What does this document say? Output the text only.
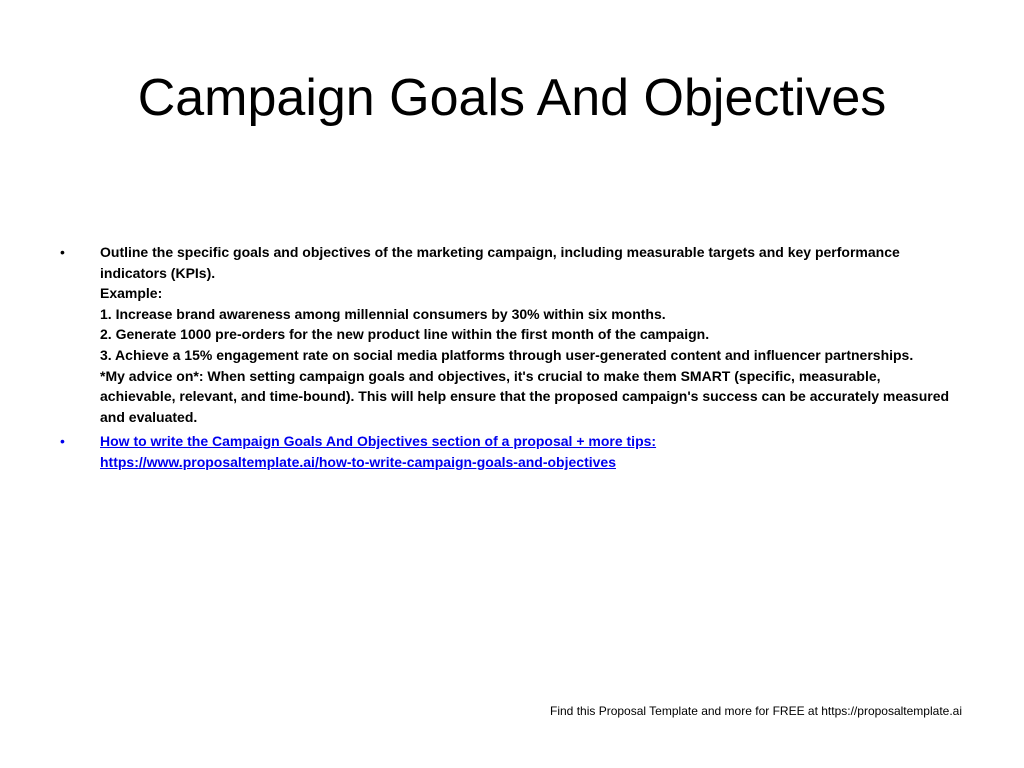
Campaign Goals And Objectives
•	Outline the specific goals and objectives of the marketing campaign, including measurable targets and key performance indicators (KPIs).
Example:
1. Increase brand awareness among millennial consumers by 30% within six months.
2. Generate 1000 pre-orders for the new product line within the first month of the campaign.
3. Achieve a 15% engagement rate on social media platforms through user-generated content and influencer partnerships.
*My advice on*: When setting campaign goals and objectives, it's crucial to make them SMART (specific, measurable, achievable, relevant, and time-bound). This will help ensure that the proposed campaign's success can be accurately measured and evaluated.
•	How to write the Campaign Goals And Objectives section of a proposal + more tips:
https://www.proposaltemplate.ai/how-to-write-campaign-goals-and-objectives
Find this Proposal Template and more for FREE at https://proposaltemplate.ai
